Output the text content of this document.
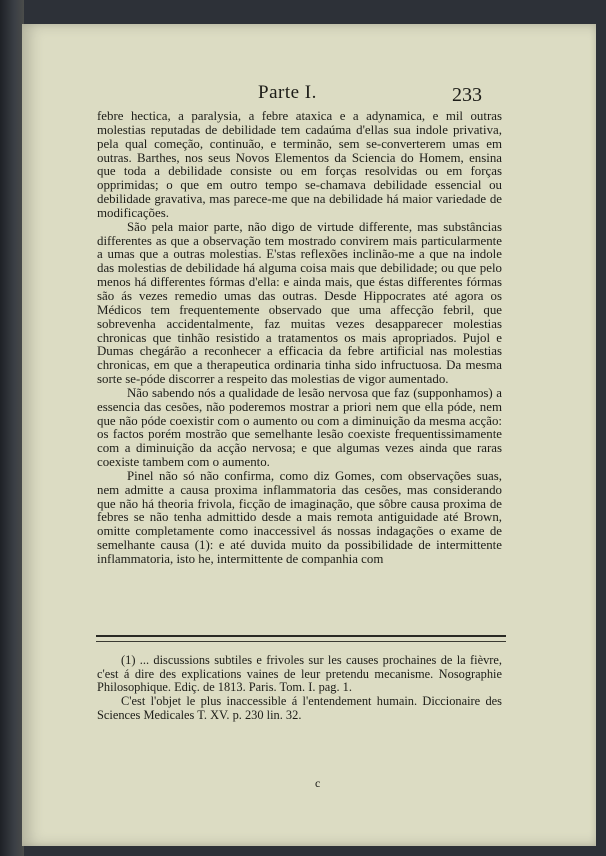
Parte I.	233

febre hectica, a paralysia, a febre ataxica e a adynamica, e mil outras molestias reputadas de debilidade tem cadaúma d'ellas sua indole privativa, pela qual começão, continuão, e terminão, sem se-converterem umas em outras. Barthes, nos seus Novos Elementos da Sciencia do Homem, ensina que toda a debilidade consiste ou em forças resolvidas ou em forças opprimidas; o que em outro tempo se-chamava debilidade essencial ou debilidade gravativa, mas parece-me que na debilidade há maior variedade de modificações.

São pela maior parte, não digo de virtude differente, mas substâncias differentes as que a observação tem mostrado convirem mais particularmente a umas que a outras molestias. E'stas reflexões inclinão-me a que na indole das molestias de debilidade há alguma coisa mais que debilidade; ou que pelo menos há differentes fórmas d'ella: e ainda mais, que éstas differentes fórmas são ás vezes remedio umas das outras. Desde Hippocrates até agora os Médicos tem frequentemente observado que uma affecção febril, que sobrevenha accidentalmente, faz muitas vezes desapparecer molestias chronicas que tinhão resistido a tratamentos os mais apropriados. Pujol e Dumas chegárão a reconhecer a efficacia da febre artificial nas molestias chronicas, em que a therapeutica ordinaria tinha sido infructuosa. Da mesma sorte se-póde discorrer a respeito das molestias de vigor aumentado.

Não sabendo nós a qualidade de lesão nervosa que faz (supponhamos) a essencia das cesões, não poderemos mostrar a priori nem que ella póde, nem que não póde coexistir com o aumento ou com a diminuição da mesma acção: os factos porém mostrão que semelhante lesão coexiste frequentissimamente com a diminuição da acção nervosa; e que algumas vezes ainda que raras coexiste tambem com o aumento.

Pinel não só não confirma, como diz Gomes, com observações suas, nem admitte a causa proxima inflammatoria das cesões, mas considerando que não há theoria frivola, ficção de imaginação, que sôbre causa proxima de febres se não tenha admittido desde a mais remota antiguidade até Brown, omitte completamente como inaccessivel ás nossas indagações o exame de semelhante causa (1): e até duvida muito da possibilidade de intermittente inflammatoria, isto he, intermittente de companhia com

(1) ... discussions subtiles e frivoles sur les causes prochaines de la fièvre, c'est á dire des explications vaines de leur pretendu mecanisme. Nosographie Philosophique. Ediç. de 1813. Paris. Tom. I. pag. 1.

C'est l'objet le plus inaccessible á l'entendement humain. Diccionaire des Sciences Medicales T. XV. p. 230 lin. 32.

c
